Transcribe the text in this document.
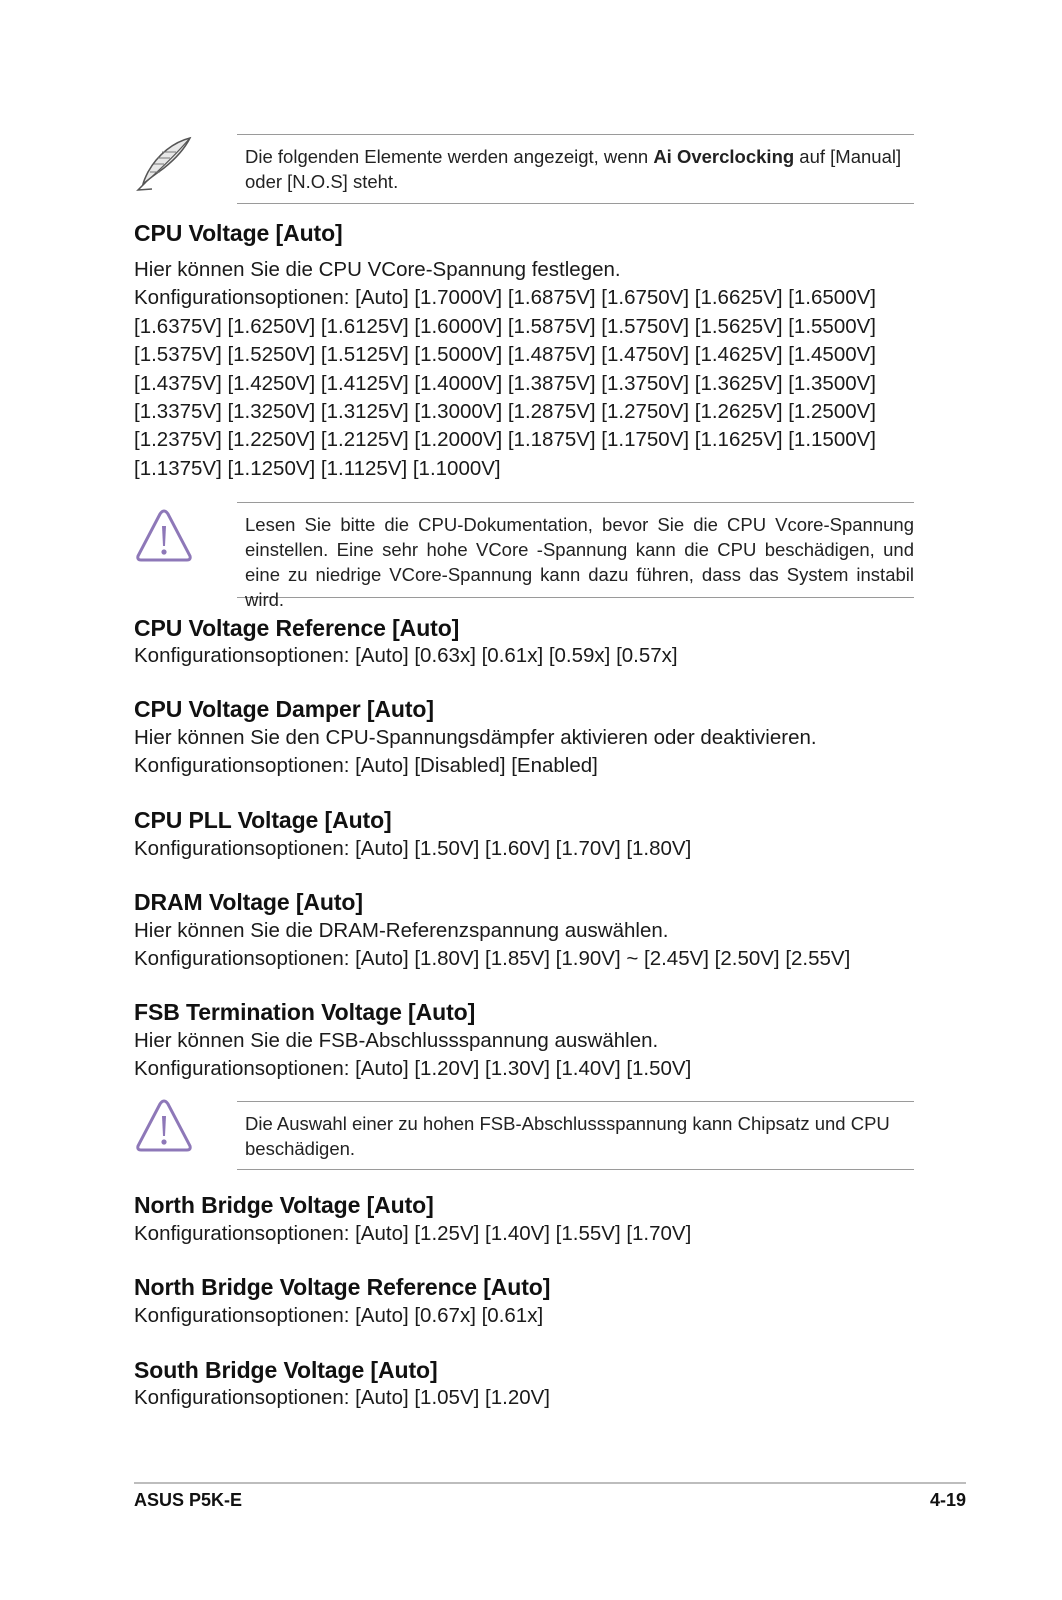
Die folgenden Elemente werden angezeigt, wenn Ai Overclocking auf [Manual] oder [N.O.S] steht.
CPU Voltage [Auto]
Hier können Sie die CPU VCore-Spannung festlegen.
Konfigurationsoptionen: [Auto] [1.7000V] [1.6875V] [1.6750V] [1.6625V] [1.6500V]
[1.6375V] [1.6250V] [1.6125V] [1.6000V] [1.5875V] [1.5750V] [1.5625V] [1.5500V]
[1.5375V] [1.5250V] [1.5125V] [1.5000V] [1.4875V] [1.4750V] [1.4625V] [1.4500V]
[1.4375V] [1.4250V] [1.4125V] [1.4000V] [1.3875V] [1.3750V] [1.3625V] [1.3500V]
[1.3375V] [1.3250V] [1.3125V] [1.3000V] [1.2875V] [1.2750V] [1.2625V] [1.2500V]
[1.2375V] [1.2250V] [1.2125V] [1.2000V] [1.1875V] [1.1750V] [1.1625V] [1.1500V]
[1.1375V] [1.1250V] [1.1125V] [1.1000V]
Lesen Sie bitte die CPU-Dokumentation, bevor Sie die CPU Vcore-Spannung einstellen. Eine sehr hohe VCore -Spannung kann die CPU beschädigen, und eine zu niedrige VCore-Spannung kann dazu führen, dass das System instabil wird.
CPU Voltage Reference [Auto]
Konfigurationsoptionen: [Auto] [0.63x] [0.61x] [0.59x] [0.57x]
CPU Voltage Damper [Auto]
Hier können Sie den CPU-Spannungsdämpfer aktivieren oder deaktivieren.
Konfigurationsoptionen: [Auto] [Disabled] [Enabled]
CPU PLL Voltage [Auto]
Konfigurationsoptionen: [Auto] [1.50V] [1.60V] [1.70V] [1.80V]
DRAM Voltage [Auto]
Hier können Sie die DRAM-Referenzspannung auswählen.
Konfigurationsoptionen: [Auto] [1.80V] [1.85V] [1.90V] ~ [2.45V] [2.50V] [2.55V]
FSB Termination Voltage [Auto]
Hier können Sie die FSB-Abschlussspannung auswählen.
Konfigurationsoptionen: [Auto] [1.20V] [1.30V] [1.40V] [1.50V]
Die Auswahl einer zu hohen FSB-Abschlussspannung kann Chipsatz und CPU beschädigen.
North Bridge Voltage [Auto]
Konfigurationsoptionen: [Auto] [1.25V] [1.40V] [1.55V] [1.70V]
North Bridge Voltage Reference [Auto]
Konfigurationsoptionen: [Auto] [0.67x] [0.61x]
South Bridge Voltage [Auto]
Konfigurationsoptionen: [Auto] [1.05V] [1.20V]
ASUS P5K-E	4-19
